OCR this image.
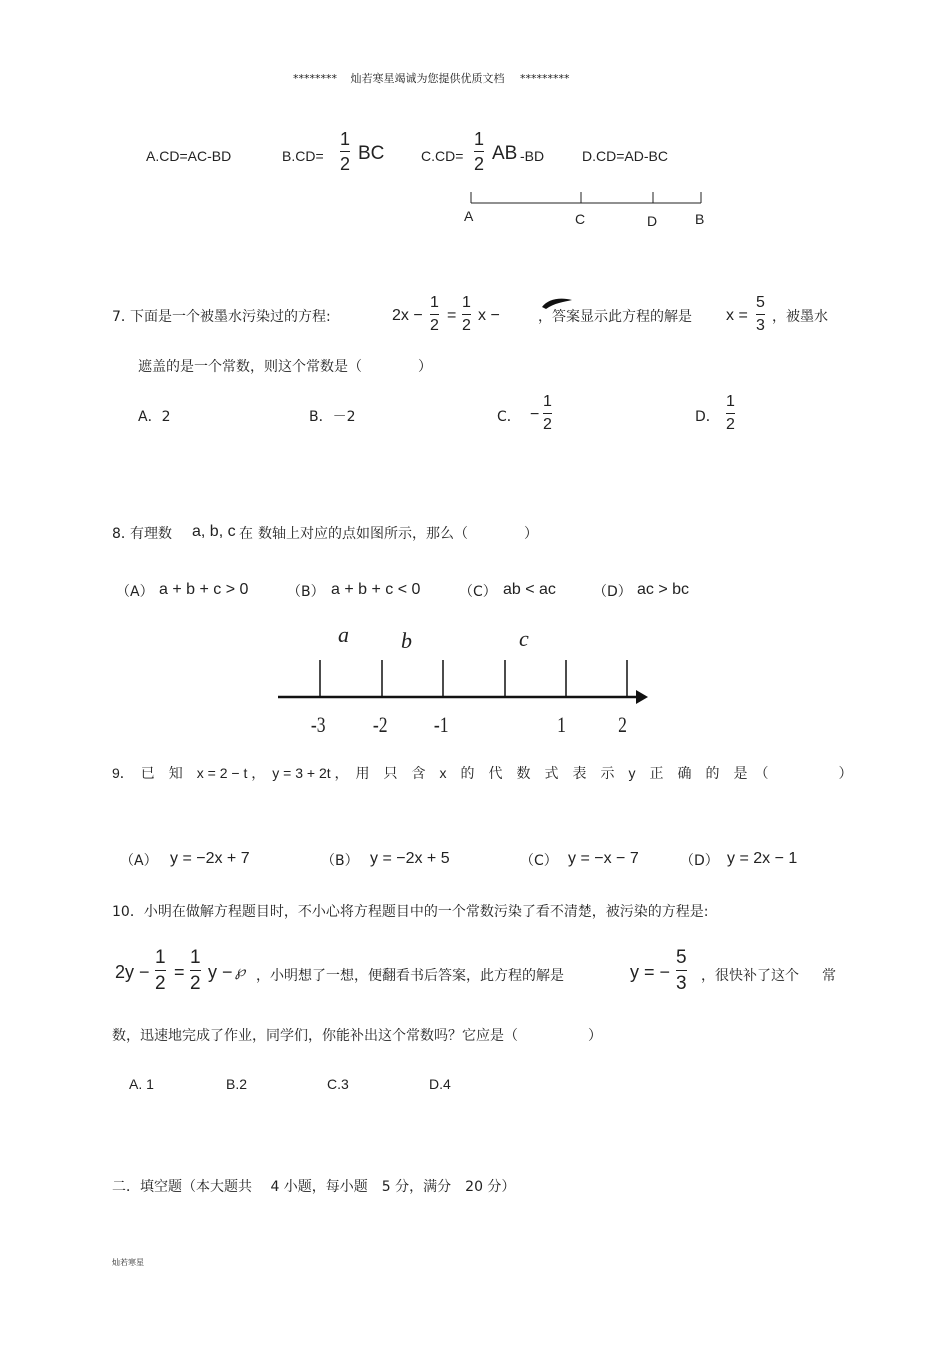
******** 灿若寒星竭诚为您提供优质文档 *********
A.CD=AC-BD	B.CD=
1
2 BC	C.CD=
1
2 AB -BD	D.CD=AD-BC
A	C	D	B
7．
下面是一个被墨水污染过的方程:	2x −
1
2
=
1
2
x −	，答案显示此方程的解是 x =
5
3 ，被墨水
遮盖的是一个常数，则这个常数是（　　　　）
A．2	B．－2	C． −
1
2	D．
1
2
8．
有理数 a, b, c 在 数轴上对应的点如图所示，那么（　　　　）
（A） a + b + c > 0	（B） a + b + c < 0	（C） ab < ac	（D） ac > bc
a b	c
-3 -2 -1	1 2
9．　已　知　x = 2 − t ，　y = 3 + 2t ，　用　只　含　x　的　代　数　式　表　示　y　正　确　的　是　（　　　　　）
（A） y = −2x + 7	（B） y = −2x + 5	（C） y = −x − 7	（D） y = 2x − 1
10．小明在做解方程题目时，不小心将方程题目中的一个常数污染了看不清楚，被污染的方程是:
2y −
1
2
=
1
2
y − ℘ ，小明想了一想，便翻看书后答案，此方程的解是	y = −
5
3 ，很快补了这个 常
数，迅速地完成了作业，同学们，你能补出这个常数吗？它应是（　　　　　）
A. 1	B.2	C.3	D.4
二．填空题（本大题共　 4 小题，每小题　5 分，满分　20 分）
灿若寒星
